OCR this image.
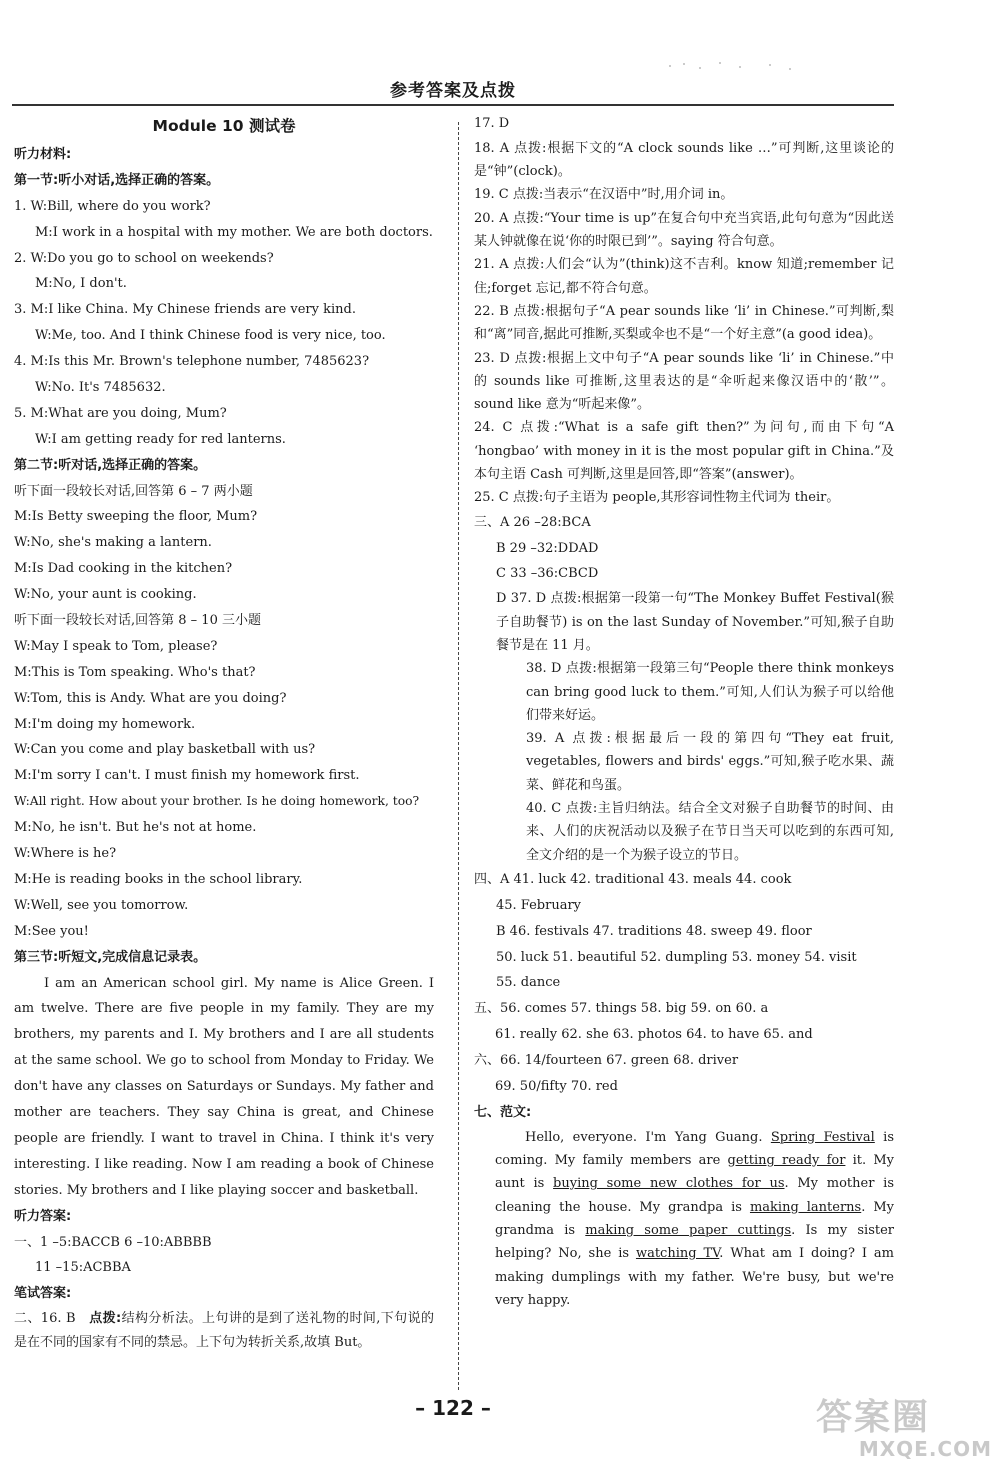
参考答案及点拨
Module 10 测试卷
听力材料:
第一节:听小对话,选择正确的答案。
1. W:Bill, where do you work?
M:I work in a hospital with my mother. We are both doctors.
2. W:Do you go to school on weekends?
M:No, I don't.
3. M:I like China. My Chinese friends are very kind.
W:Me, too. And I think Chinese food is very nice, too.
4. M:Is this Mr. Brown's telephone number, 7485623?
W:No. It's 7485632.
5. M:What are you doing, Mum?
W:I am getting ready for red lanterns.
第二节:听对话,选择正确的答案。
听下面一段较长对话,回答第 6 – 7 两小题
M:Is Betty sweeping the floor, Mum?
W:No, she's making a lantern.
M:Is Dad cooking in the kitchen?
W:No, your aunt is cooking.
听下面一段较长对话,回答第 8 – 10 三小题
W:May I speak to Tom, please?
M:This is Tom speaking. Who's that?
W:Tom, this is Andy. What are you doing?
M:I'm doing my homework.
W:Can you come and play basketball with us?
M:I'm sorry I can't. I must finish my homework first.
W:All right. How about your brother. Is he doing homework, too?
M:No, he isn't. But he's not at home.
W:Where is he?
M:He is reading books in the school library.
W:Well, see you tomorrow.
M:See you!
第三节:听短文,完成信息记录表。
I am an American school girl. My name is Alice Green. I am twelve. There are five people in my family. They are my brothers, my parents and I. My brothers and I are all students at the same school. We go to school from Monday to Friday. We don't have any classes on Saturdays or Sundays. My father and mother are teachers. They say China is great, and Chinese people are friendly. I want to travel in China. I think it's very interesting. I like reading. Now I am reading a book of Chinese stories. My brothers and I like playing soccer and basketball.
听力答案:
一、1 –5:BACCB 6 –10:ABBBB
11 –15:ACBBA
笔试答案:
二、16. B 点拨:结构分析法。上句讲的是到了送礼物的时间,下句说的是在不同的国家有不同的禁忌。上下句为转折关系,故填 But。
17. D
18. A 点拨:根据下文的“A clock sounds like …”可判断,这里谈论的是“钟”(clock)。
19. C 点拨:当表示“在汉语中”时,用介词 in。
20. A 点拨:“Your time is up”在复合句中充当宾语,此句句意为“因此送某人钟就像在说‘你的时限已到’”。saying 符合句意。
21. A 点拨:人们会“认为”(think)这不吉利。know 知道;remember 记住;forget 忘记,都不符合句意。
22. B 点拨:根据句子“A pear sounds like ‘li’ in Chinese.”可判断,梨和“离”同音,据此可推断,买梨或伞也不是“一个好主意”(a good idea)。
23. D 点拨:根据上文中句子“A pear sounds like ‘li’ in Chinese.”中的 sounds like 可推断,这里表达的是“伞听起来像汉语中的‘散’”。sound like 意为“听起来像”。
24. C 点拨:“What is a safe gift then?”为问句,而由下句“A ‘hongbao’ with money in it is the most popular gift in China.”及本句主语 Cash 可判断,这里是回答,即“答案”(answer)。
25. C 点拨:句子主语为 people,其形容词性物主代词为 their。
三、A 26 –28:BCA
B 29 –32:DDAD
C 33 –36:CBCD
D 37. D 点拨:根据第一段第一句“The Monkey Buffet Festival(猴子自助餐节) is on the last Sunday of November.”可知,猴子自助餐节是在 11 月。
38. D 点拨:根据第一段第三句“People there think monkeys can bring good luck to them.”可知,人们认为猴子可以给他们带来好运。
39. A 点拨:根据最后一段的第四句“They eat fruit, vegetables, flowers and birds' eggs.”可知,猴子吃水果、蔬菜、鲜花和鸟蛋。
40. C 点拨:主旨归纳法。结合全文对猴子自助餐节的时间、由来、人们的庆祝活动以及猴子在节日当天可以吃到的东西可知,全文介绍的是一个为猴子设立的节日。
四、A 41. luck 42. traditional 43. meals 44. cook
45. February
B 46. festivals 47. traditions 48. sweep 49. floor
50. luck 51. beautiful 52. dumpling 53. money 54. visit
55. dance
五、56. comes 57. things 58. big 59. on 60. a
61. really 62. she 63. photos 64. to have 65. and
六、66. 14/fourteen 67. green 68. driver
69. 50/fifty 70. red
七、范文:
Hello, everyone. I'm Yang Guang. Spring Festival is coming. My family members are getting ready for it. My aunt is buying some new clothes for us. My mother is cleaning the house. My grandpa is making lanterns. My grandma is making some paper cuttings. Is my sister helping? No, she is watching TV. What am I doing? I am making dumplings with my father. We're busy, but we're very happy.
– 122 –	答案圈
MXQE.COM
